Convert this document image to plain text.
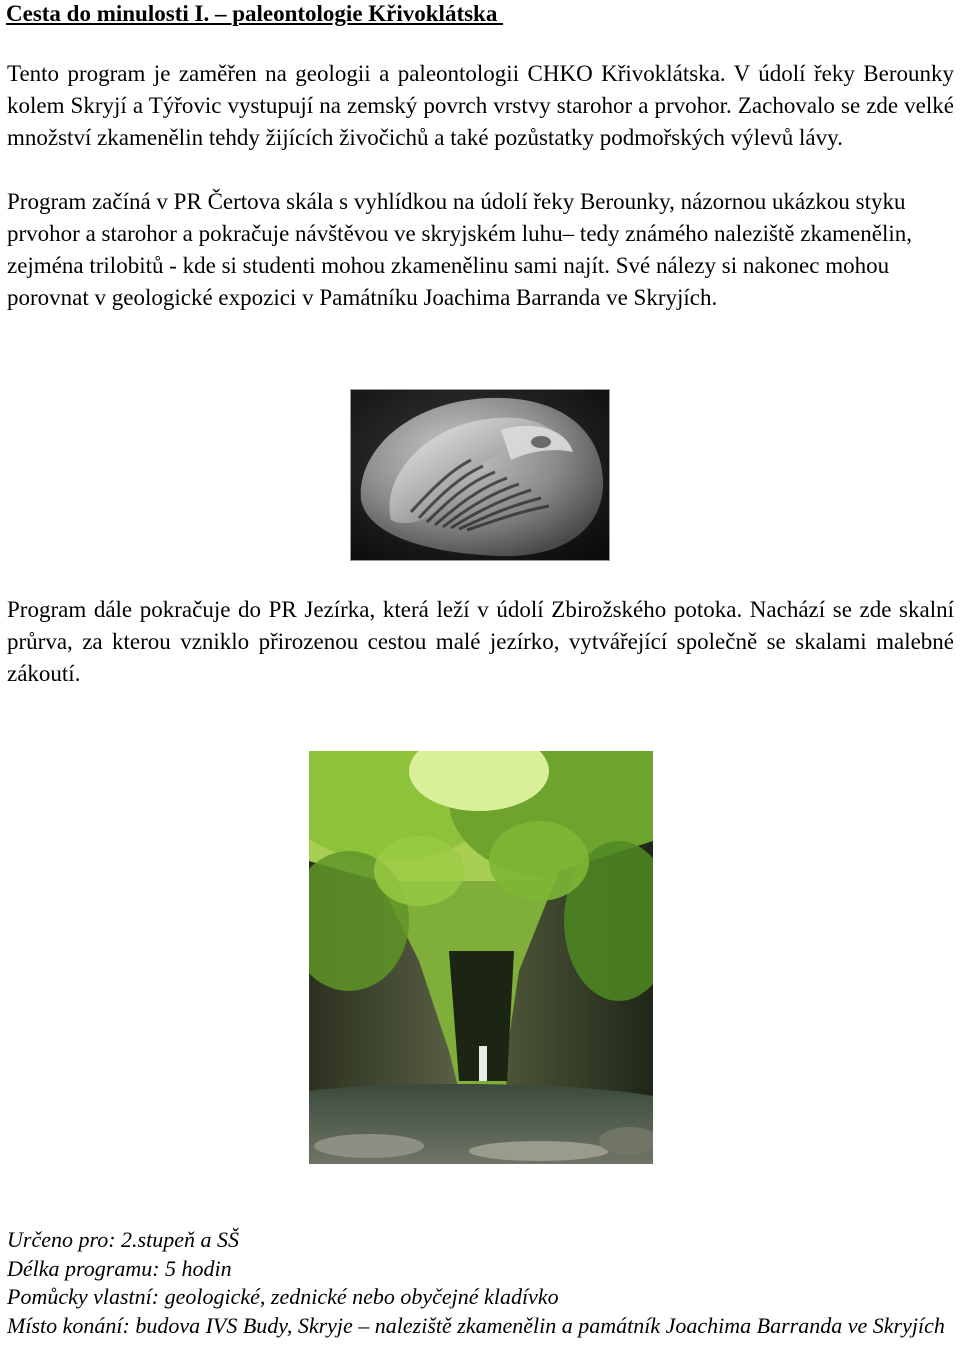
Cesta do minulosti I. – paleontologie Křivoklátska

Tento program je zaměřen na geologii a paleontologii CHKO Křivoklátska. V údolí řeky Berounky kolem Skryjí a Týřovic vystupují na zemský povrch vrstvy starohor a prvohor. Zachovalo se zde velké množství zkamenělin tehdy žijících živočichů a také pozůstatky podmořských výlevů lávy.

Program začíná v PR Čertova skála s vyhlídkou na údolí řeky Berounky, názornou ukázkou styku prvohor a starohor a pokračuje návštěvou ve skryjském luhu– tedy známého naleziště zkamenělin, zejména trilobitů - kde si studenti mohou zkamenělinu sami najít. Své nálezy si nakonec mohou porovnat v geologické expozici v Památníku Joachima Barranda ve Skryjích.

Program dále pokračuje do PR Jezírka, která leží v údolí Zbirožského potoka. Nachází se zde skalní průrva, za kterou vzniklo přirozenou cestou malé jezírko, vytvářející společně se skalami malebné zákoutí.

Určeno pro: 2.stupeň a SŠ
Délka programu: 5 hodin
Pomůcky vlastní: geologické, zednické nebo obyčejné kladívko
Místo konání: budova IVS Budy, Skryje – naleziště zkamenělin a památník Joachima Barranda ve Skryjích
